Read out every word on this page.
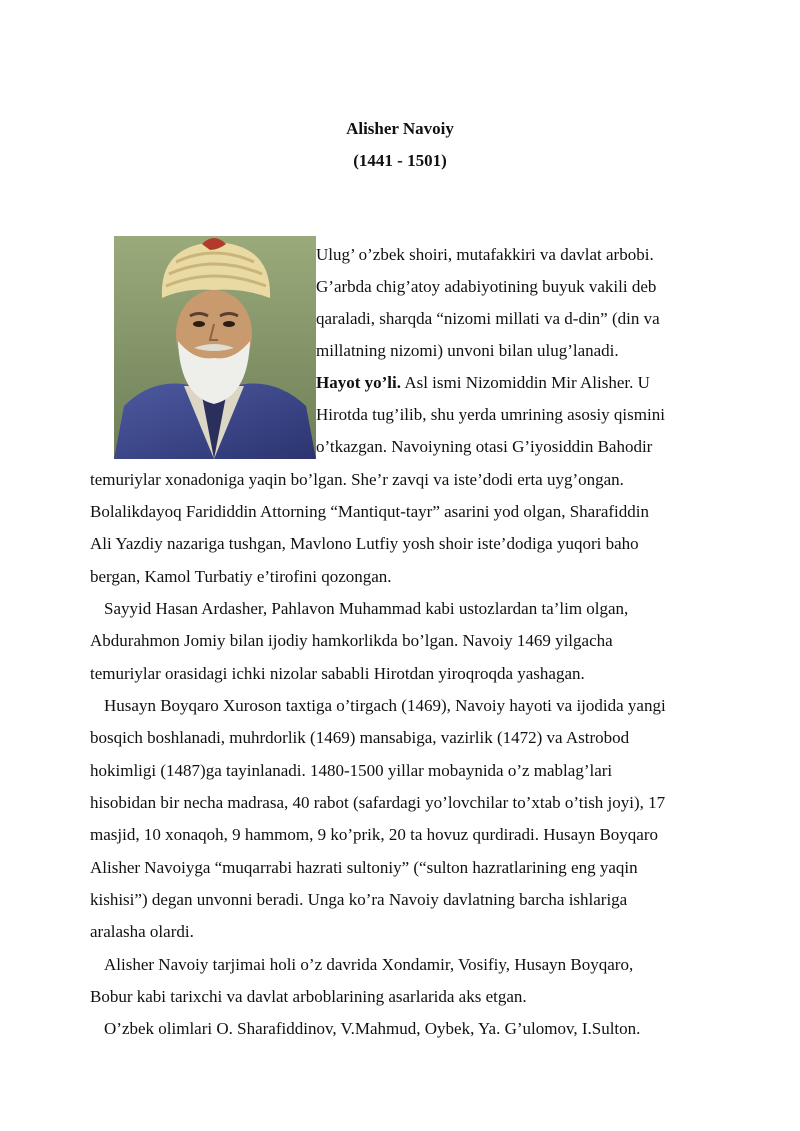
Alisher Navoiy

(1441 - 1501)

Ulug’ o’zbek shoiri, mutafakkiri va davlat arbobi.

G’arbda chig’atoy adabiyotining buyuk vakili deb

qaraladi, sharqda “nizomi millati va d-din” (din va

millatning nizomi) unvoni bilan ulug’lanadi.

Hayot yo’li. Asl ismi Nizomiddin Mir Alisher. U

Hirotda tug’ilib, shu yerda umrining asosiy qismini

o’tkazgan. Navoiyning otasi G’iyosiddin Bahodir

temuriylar xonadoniga yaqin bo’lgan. She’r zavqi va iste’dodi erta uyg’ongan.

Bolalikdayoq Farididdin Attorning “Mantiqut-tayr” asarini yod olgan, Sharafiddin

Ali Yazdiy nazariga tushgan, Mavlono Lutfiy yosh shoir iste’dodiga yuqori baho

bergan, Kamol Turbatiy e’tirofini qozongan.

Sayyid Hasan Ardasher, Pahlavon Muhammad kabi ustozlardan ta’lim olgan,

Abdurahmon Jomiy bilan ijodiy hamkorlikda bo’lgan. Navoiy 1469 yilgacha

temuriylar orasidagi ichki nizolar sababli Hirotdan yiroqroqda yashagan.

Husayn Boyqaro Xuroson taxtiga o’tirgach (1469), Navoiy hayoti va ijodida yangi

bosqich boshlanadi, muhrdorlik (1469) mansabiga, vazirlik (1472) va Astrobod

hokimligi (1487)ga tayinlanadi. 1480-1500 yillar mobaynida o’z mablag’lari

hisobidan bir necha madrasa, 40 rabot (safardagi yo’lovchilar to’xtab o’tish joyi), 17

masjid, 10 xonaqoh, 9 hammom, 9 ko’prik, 20 ta hovuz qurdiradi. Husayn Boyqaro

Alisher Navoiyga “muqarrabi hazrati sultoniy” (“sulton hazratlarining eng yaqin

kishisi”) degan unvonni beradi. Unga ko’ra Navoiy davlatning barcha ishlariga

aralasha olardi.

Alisher Navoiy tarjimai holi o’z davrida Xondamir, Vosifiy, Husayn Boyqaro,

Bobur kabi tarixchi va davlat arboblarining asarlarida aks etgan.

O’zbek olimlari O. Sharafiddinov, V.Mahmud, Oybek, Ya. G’ulomov, I.Sulton.
